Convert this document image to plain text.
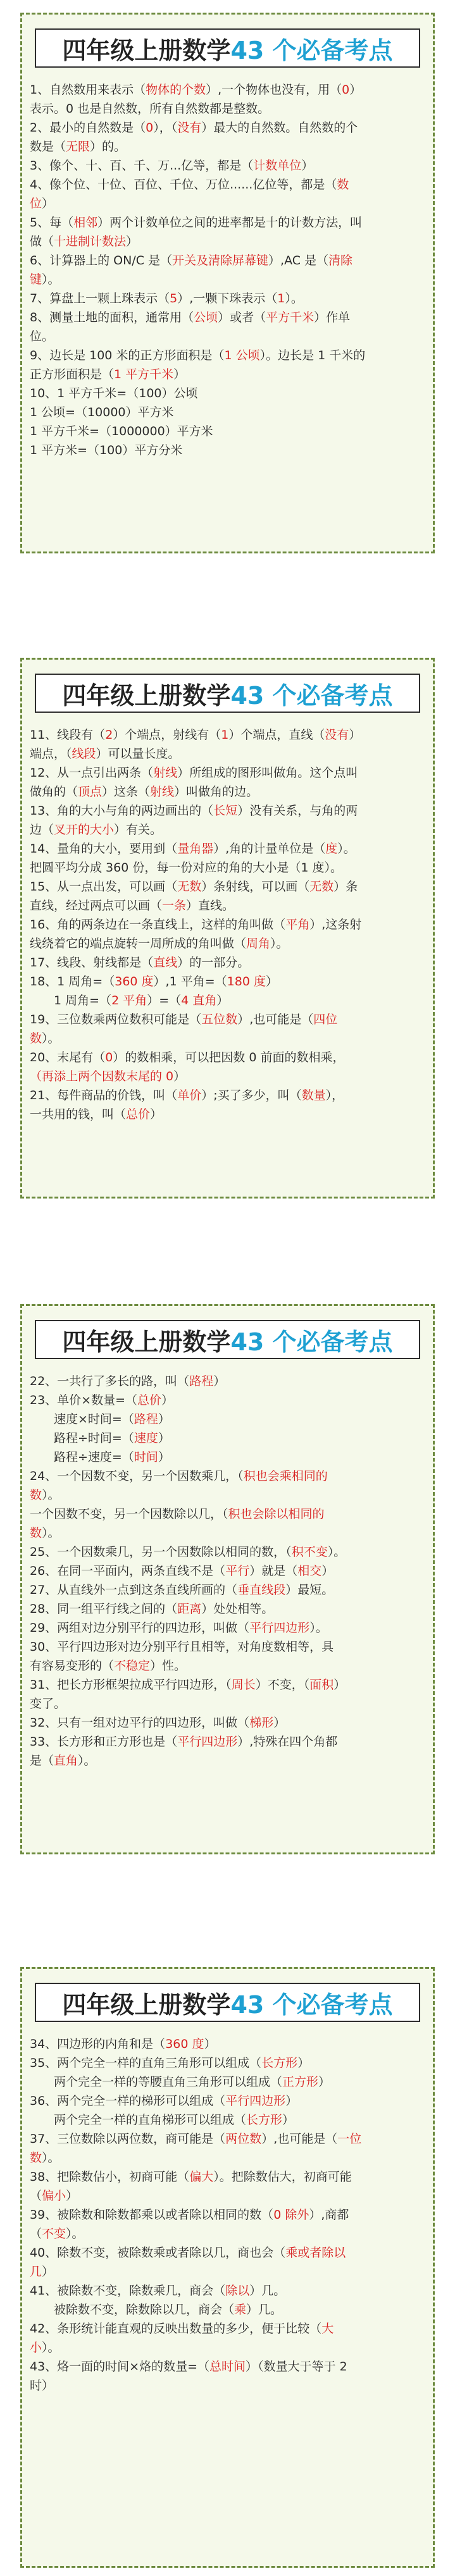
四年级上册数学 43 个必备考点
1、自然数用来表示（物体的个数）,一个物体也没有，用（0）
表示。0 也是自然数，所有自然数都是整数。
2、最小的自然数是（0），（没有）最大的自然数。自然数的个
数是（无限）的。
3、像个、十、百、千、万...亿等，都是（计数单位）
4、像个位、十位、百位、千位、万位......亿位等，都是（数
位）
5、每（相邻）两个计数单位之间的进率都是十的计数方法，叫
做（十进制计数法）
6、计算器上的 ON/C 是（开关及清除屏幕键）,AC 是（清除
键）。
7、算盘上一颗上珠表示（5）,一颗下珠表示（1）。
8、测量土地的面积，通常用（公顷）或者（平方千米）作单
位。
9、边长是 100 米的正方形面积是（1 公顷）。边长是 1 千米的
正方形面积是（1 平方千米）
10、1 平方千米=（100）公顷
1 公顷=（10000）平方米
1 平方千米=（1000000）平方米
1 平方米=（100）平方分米
四年级上册数学 43 个必备考点
11、线段有（2）个端点，射线有（1）个端点，直线（没有）
端点，（线段）可以量长度。
12、从一点引出两条（射线）所组成的图形叫做角。这个点叫
做角的（顶点）这条（射线）叫做角的边。
13、角的大小与角的两边画出的（长短）没有关系，与角的两
边（叉开的大小）有关。
14、量角的大小，要用到（量角器）,角的计量单位是（度）。
把圆平均分成 360 份，每一份对应的角的大小是（1 度）。
15、从一点出发，可以画（无数）条射线，可以画（无数）条
直线，经过两点可以画（一条）直线。
16、角的两条边在一条直线上，这样的角叫做（平角）,这条射
线绕着它的端点旋转一周所成的角叫做（周角）。
17、线段、射线都是（直线）的一部分。
18、1 周角=（360 度）,1 平角=（180 度）
1 周角=（2 平角）=（4 直角）
19、三位数乘两位数积可能是（五位数）,也可能是（四位
数）。
20、末尾有（0）的数相乘，可以把因数 0 前面的数相乘，
（再添上两个因数末尾的 0）
21、每件商品的价钱，叫（单价）;买了多少，叫（数量），
一共用的钱，叫（总价）
四年级上册数学 43 个必备考点
22、一共行了多长的路，叫（路程）
23、单价×数量=（总价）
速度×时间=（路程）
路程÷时间=（速度）
路程÷速度=（时间）
24、一个因数不变，另一个因数乘几，（积也会乘相同的
数）。
一个因数不变，另一个因数除以几，（积也会除以相同的
数）。
25、一个因数乘几，另一个因数除以相同的数，（积不变）。
26、在同一平面内，两条直线不是（平行）就是（相交）
27、从直线外一点到这条直线所画的（垂直线段）最短。
28、同一组平行线之间的（距离）处处相等。
29、两组对边分别平行的四边形，叫做（平行四边形）。
30、平行四边形对边分别平行且相等，对角度数相等，具
有容易变形的（不稳定）性。
31、把长方形框架拉成平行四边形，（周长）不变，（面积）
变了。
32、只有一组对边平行的四边形，叫做（梯形）
33、长方形和正方形也是（平行四边形）,特殊在四个角都
是（直角）。
四年级上册数学 43 个必备考点
34、四边形的内角和是（360 度）
35、两个完全一样的直角三角形可以组成（长方形）
两个完全一样的等腰直角三角形可以组成（正方形）
36、两个完全一样的梯形可以组成（平行四边形）
两个完全一样的直角梯形可以组成（长方形）
37、三位数除以两位数，商可能是（两位数）,也可能是（一位
数）。
38、把除数估小，初商可能（偏大）。把除数估大，初商可能
（偏小）
39、被除数和除数都乘以或者除以相同的数（0 除外）,商都
（不变）。
40、除数不变，被除数乘或者除以几，商也会（乘或者除以
几）
41、被除数不变，除数乘几，商会（除以）几。
被除数不变，除数除以几，商会（乘）几。
42、条形统计能直观的反映出数量的多少，便于比较（大
小）。
43、烙一面的时间×烙的数量=（总时间）（数量大于等于 2
时）
